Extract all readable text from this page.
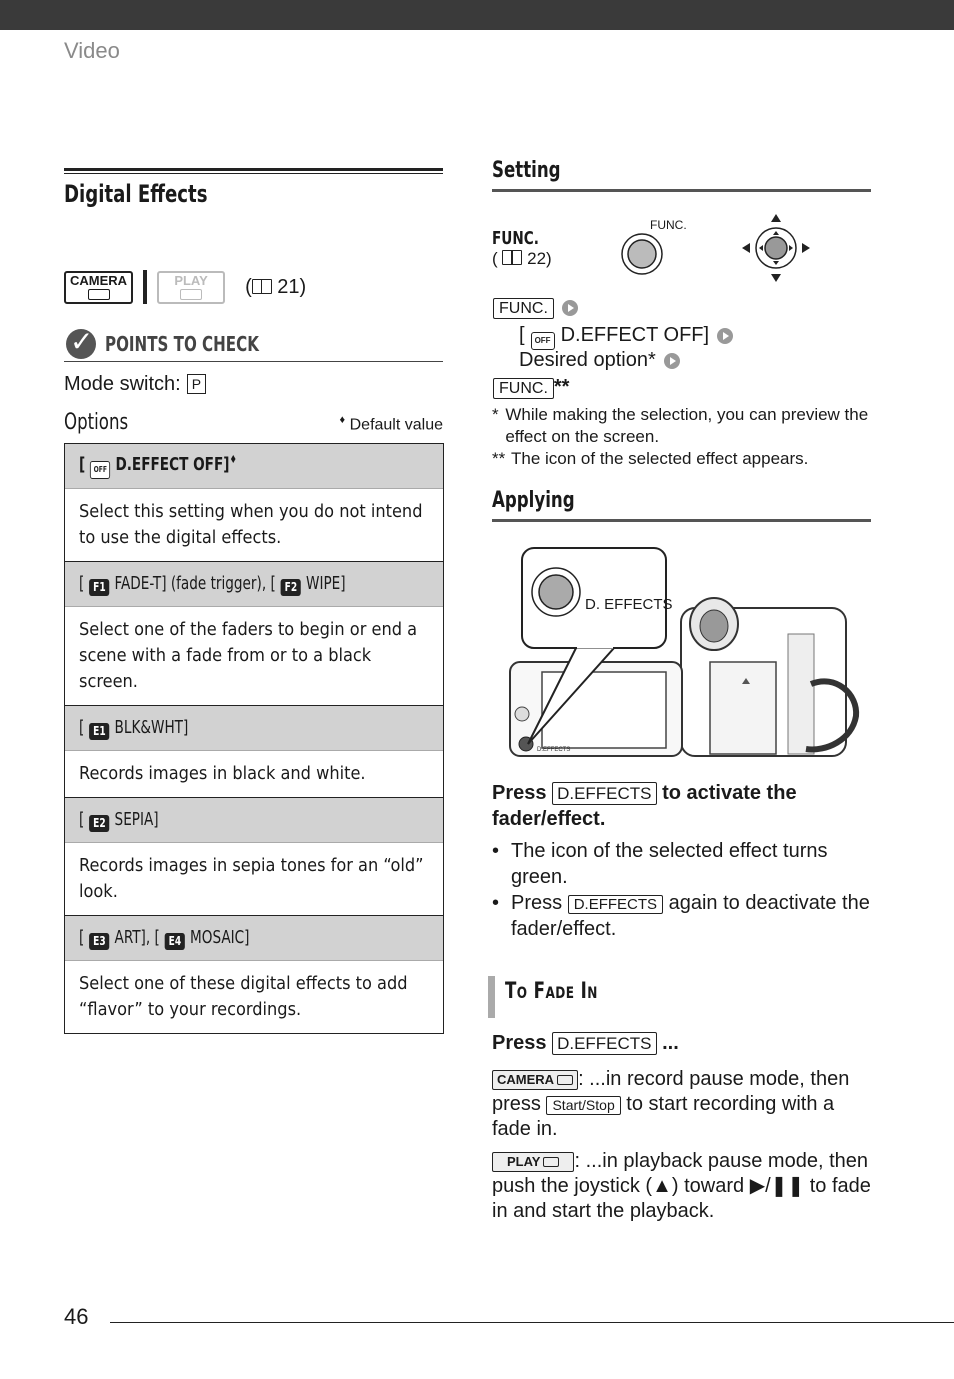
Video
Digital Effects
CAMERA	PLAY	( 21)
✓
POINTS TO CHECK
Mode switch: P
Options	♦ Default value
[ OFF D.EFFECT OFF]♦
Select this setting when you do not intend to use the digital effects.
[ F1 FADE-T] (fade trigger), [ F2 WIPE]
Select one of the faders to begin or end a scene with a fade from or to a black screen.
[ E1 BLK&WHT]
Records images in black and white.
[ E2 SEPIA]
Records images in sepia tones for an “old” look.
[ E3 ART], [ E4 MOSAIC]
Select one of these digital effects to add “flavor” to your recordings.
Setting
FUNC.
(  22)
FUNC.
FUNC.
[ OFF D.EFFECT OFF]
Desired option*
FUNC. **
* While making the selection, you can preview the effect on the screen.
** The icon of the selected effect appears.
Applying
D.EFFECTS
D. EFFECTS
Press D.EFFECTS to activate the fader/effect.
• The icon of the selected effect turns green.
• Press D.EFFECTS again to deactivate the fader/effect.
TO FADE IN
Press D.EFFECTS ...
CAMERA : ...in record pause mode, then press Start/Stop to start recording with a fade in.
PLAY : ...in playback pause mode, then push the joystick (▲) toward ▶/❚❚ to fade in and start the playback.
46
